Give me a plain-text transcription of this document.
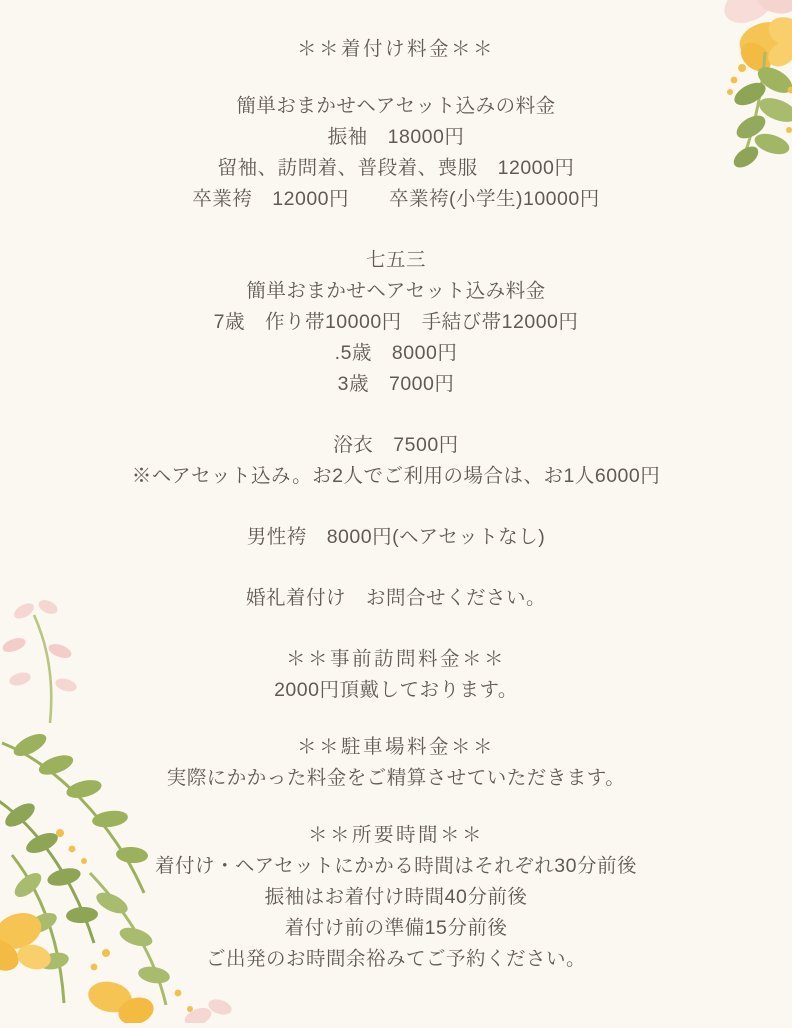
＊＊着付け料金＊＊
簡単おまかせヘアセット込みの料金
振袖　18000円
留袖、訪問着、普段着、喪服　12000円
卒業袴　12000円　　卒業袴(小学生)10000円
七五三
簡単おまかせヘアセット込み料金
7歳　作り帯10000円　手結び帯12000円
.5歳　8000円
3歳　7000円
浴衣　7500円
※ヘアセット込み。お2人でご利用の場合は、お1人6000円
男性袴　8000円(ヘアセットなし)
婚礼着付け　お問合せください。
＊＊事前訪問料金＊＊
2000円頂戴しております。
＊＊駐車場料金＊＊
実際にかかった料金をご精算させていただきます。
＊＊所要時間＊＊
着付け・ヘアセットにかかる時間はそれぞれ30分前後
振袖はお着付け時間40分前後
着付け前の準備15分前後
ご出発のお時間余裕みてご予約ください。
